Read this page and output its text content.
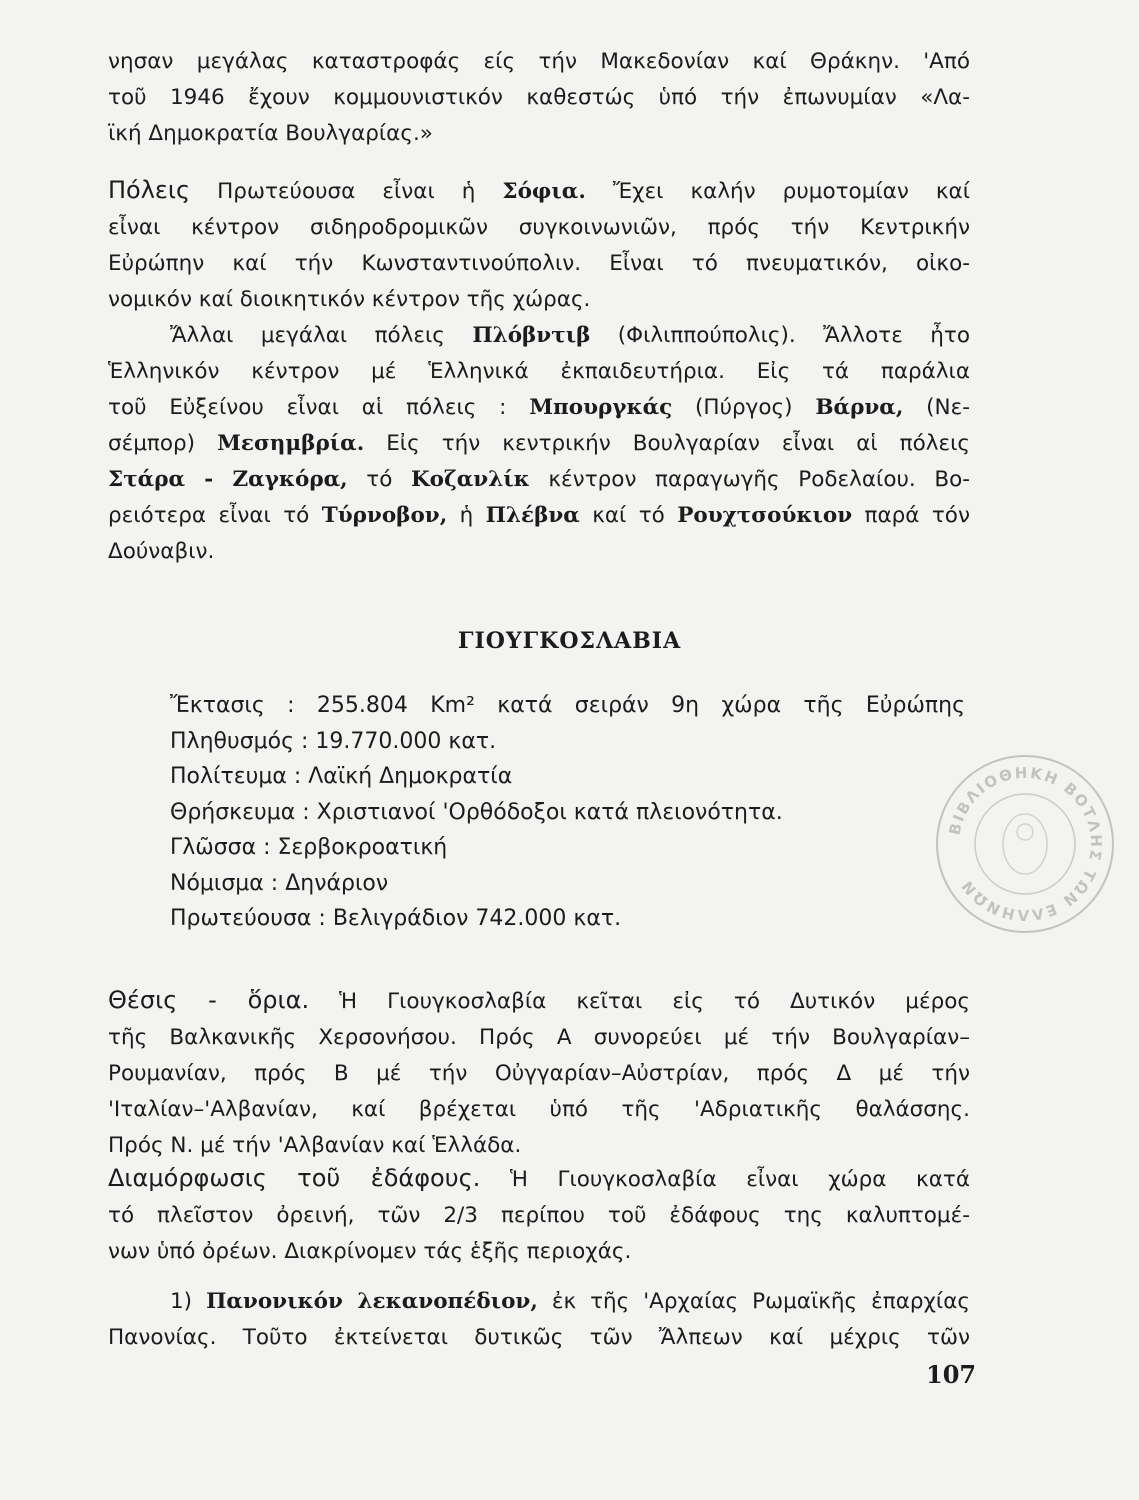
νησαν μεγάλας καταστροφάς είς τήν Μακεδονίαν καί Θράκην. 'Από
τοῦ 1946 ἔχουν κομμουνιστικόν καθεστώς ὑπό τήν ἐπωνυμίαν «Λα-
ϊκή Δημοκρατία Βουλγαρίας.»
Πόλεις Πρωτεύουσα εἶναι ἡ Σόφια. Ἔχει καλήν ρυμοτομίαν καί
εἶναι κέντρον σιδηροδρομικῶν συγκοινωνιῶν, πρός τήν Κεντρικήν
Εὐρώπην καί τήν Κωνσταντινούπολιν. Εἶναι τό πνευματικόν, οἰκο-
νομικόν καί διοικητικόν κέντρον τῆς χώρας.
Ἄλλαι μεγάλαι πόλεις Πλόβντιβ (Φιλιππούπολις). Ἄλλοτε ἦτο
Ἑλληνικόν κέντρον μέ Ἑλληνικά ἐκπαιδευτήρια. Εἰς τά παράλια
τοῦ Εὐξείνου εἶναι αἱ πόλεις : Μπουργκάς (Πύργος) Βάρνα, (Νε-
σέμπορ) Μεσημβρία. Εἰς τήν κεντρικήν Βουλγαρίαν εἶναι αἱ πόλεις
Στάρα - Ζαγκόρα, τό Κοζανλίκ κέντρον παραγωγῆς Ροδελαίου. Βο-
ρειότερα εἶναι τό Τύρνοβον, ἡ Πλέβνα καί τό Ρουχτσούκιον παρά τόν
Δούναβιν.
ΓΙΟΥΓΚΟΣΛΑΒΙΑ
Ἔκτασις : 255.804 Km² κατά σειράν 9η χώρα τῆς Εὐρώπης
Πληθυσμός : 19.770.000 κατ.
Πολίτευμα : Λαϊκή Δημοκρατία
Θρήσκευμα : Χριστιανοί 'Ορθόδοξοι κατά πλειονότητα.
Γλῶσσα : Σερβοκροατική
Νόμισμα : Δηνάριον
Πρωτεύουσα : Βελιγράδιον 742.000 κατ.
Θέσις - ὅρια. Ἡ Γιουγκοσλαβία κεῖται εἰς τό Δυτικόν μέρος
τῆς Βαλκανικῆς Χερσονήσου. Πρός Α συνορεύει μέ τήν Βουλγαρίαν–
Ρουμανίαν, πρός Β μέ τήν Οὐγγαρίαν–Αὐστρίαν, πρός Δ μέ τήν
'Ιταλίαν–'Αλβανίαν, καί βρέχεται ὑπό τῆς 'Αδριατικῆς θαλάσσης.
Πρός Ν. μέ τήν 'Αλβανίαν καί Ἑλλάδα.
Διαμόρφωσις τοῦ ἐδάφους. Ἡ Γιουγκοσλαβία εἶναι χώρα κατά
τό πλεῖστον ὀρεινή, τῶν 2/3 περίπου τοῦ ἐδάφους της καλυπτομέ-
νων ὑπό ὀρέων. Διακρίνομεν τάς ἑξῆς περιοχάς.
1) Πανονικόν λεκανοπέδιον, ἐκ τῆς 'Αρχαίας Ρωμαϊκῆς ἐπαρχίας
Πανονίας. Τοῦτο ἐκτείνεται δυτικῶς τῶν Ἄλπεων καί μέχρις τῶν
107
ΒΙΒΛΙΟΘΗΚΗ ΒΟΤΛΗΣ ΤΩΝ ΕΛΛΗΝΩΝ
